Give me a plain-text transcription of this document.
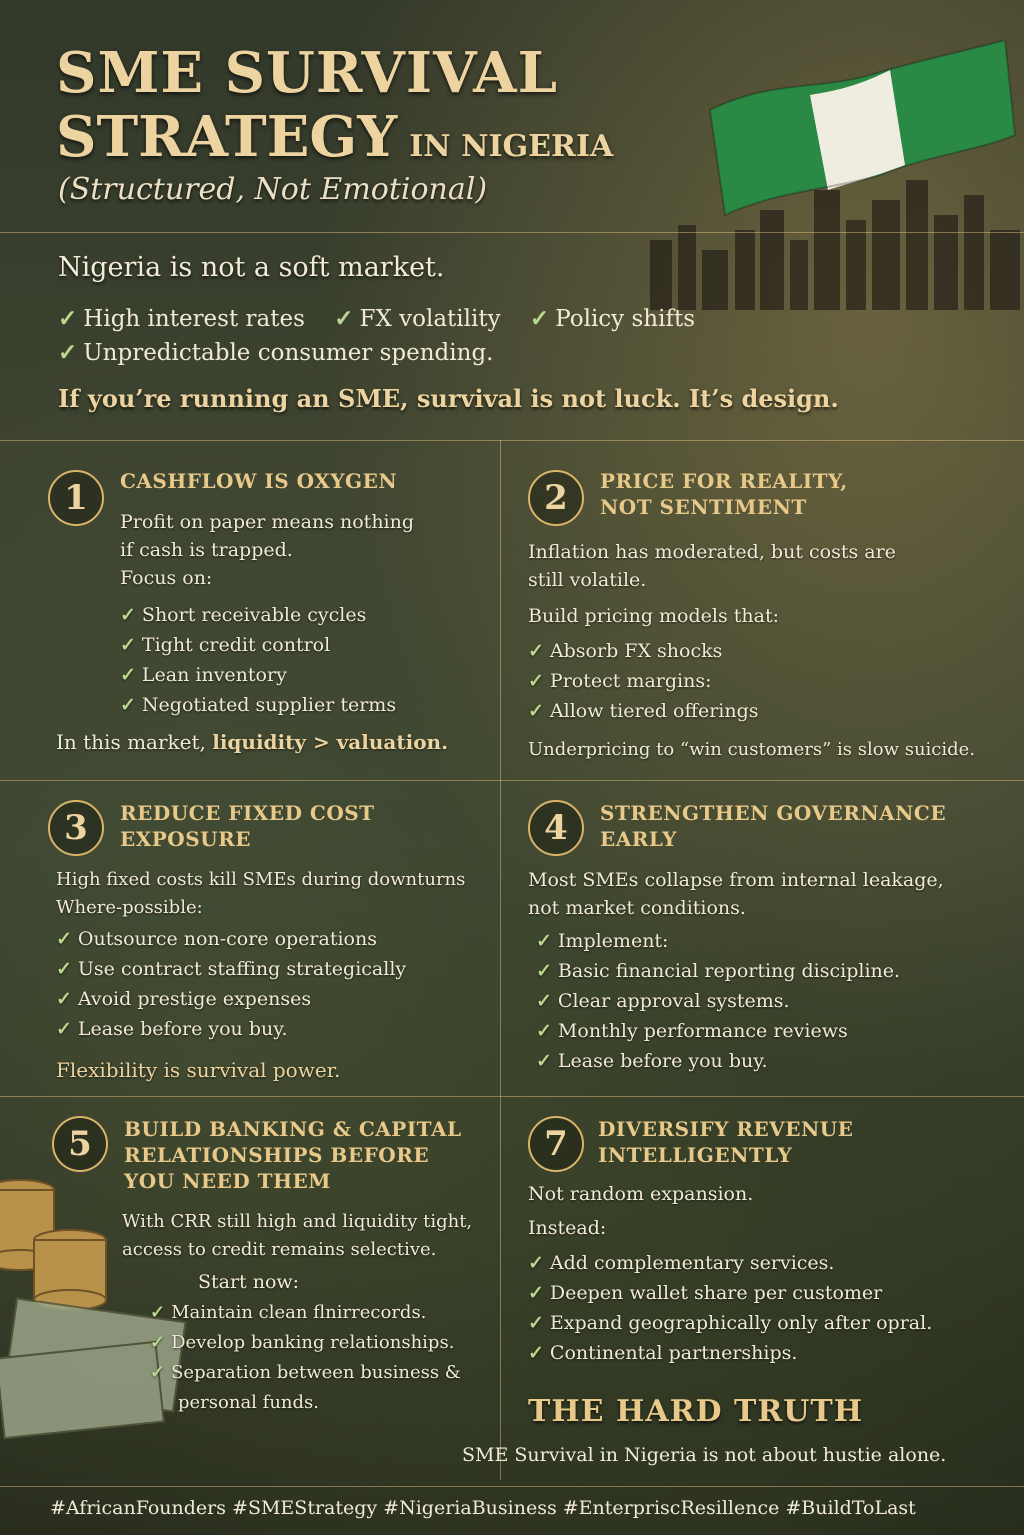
SME SURVIVAL
STRATEGY IN NIGERIA
(Structured, Not Emotional)
Nigeria is not a soft market.
✓ High interest rates ✓ FX volatility ✓ Policy shifts
✓ Unpredictable consumer spending.
If you’re running an SME, survival is not luck. It’s design.
1	CASHFLOW IS OXYGEN
Profit on paper means nothing
if cash is trapped.
Focus on:
✓ Short receivable cycles
✓ Tight credit control
✓ Lean inventory
✓ Negotiated supplier terms
In this market, liquidity > valuation.
2	PRICE FOR REALITY,
NOT SENTIMENT
Inflation has moderated, but costs are
still volatile.
Build pricing models that:
✓ Absorb FX shocks
✓ Protect margins:
✓ Allow tiered offerings
Underpricing to “win customers” is slow suicide.
3	REDUCE FIXED COST
EXPOSURE
High fixed costs kill SMEs during downturns
Where-possible:
✓ Outsource non-core operations
✓ Use contract staffing strategically
✓ Avoid prestige expenses
✓ Lease before you buy.
Flexibility is survival power.
4	STRENGTHEN GOVERNANCE
EARLY
Most SMEs collapse from internal leakage,
not market conditions.
✓ Implement:
✓ Basic financial reporting discipline.
✓ Clear approval systems.
✓ Monthly performance reviews
✓ Lease before you buy.
5	BUILD BANKING & CAPITAL
RELATIONSHIPS BEFORE
YOU NEED THEM
With CRR still high and liquidity tight,
access to credit remains selective.
Start now:
✓ Maintain clean flnirrecords.
✓ Develop banking relationships.
✓ Separation between business &
personal funds.
7	DIVERSIFY REVENUE
INTELLIGENTLY
Not random expansion.
Instead:
✓ Add complementary services.
✓ Deepen wallet share per customer
✓ Expand geographically only after opral.
✓ Continental partnerships.
THE HARD TRUTH
SME Survival in Nigeria is not about hustie alone.
#AfricanFounders #SMEStrategy #NigeriaBusiness #EnterpriscResillence #BuildToLast
